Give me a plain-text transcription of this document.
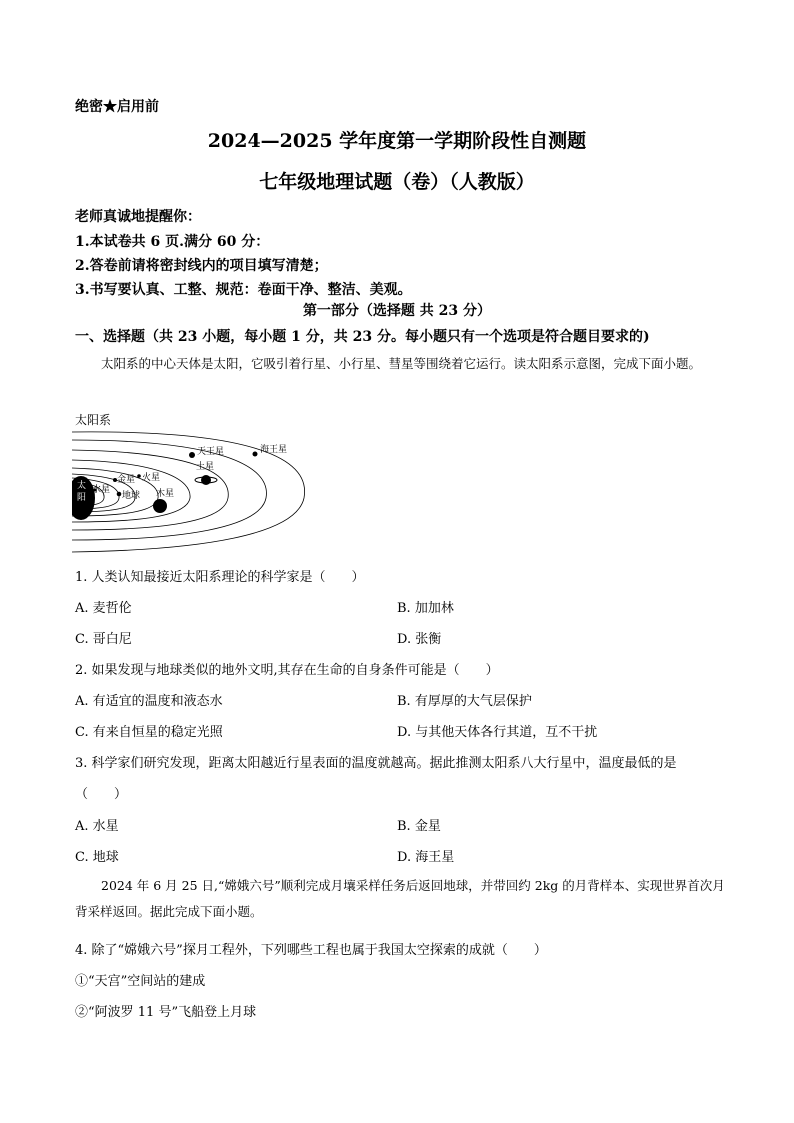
绝密★启用前
2024—2025 学年度第一学期阶段性自测题
七年级地理试题（卷）（人教版）
老师真诚地提醒你：
1.本试卷共 6 页.满分 60 分：
2.答卷前请将密封线内的项目填写清楚；
3.书写要认真、工整、规范：卷面干净、整洁、美观。
第一部分（选择题 共 23 分）
一、选择题（共 23 小题，每小题 1 分，共 23 分。每小题只有一个选项是符合题目要求的)
太阳系的中心天体是太阳，它吸引着行星、小行星、彗星等围绕着它运行。读太阳系示意图，完成下面小题。
太阳系
太阳
海王星
天王星
土星
木星
火星
金星
水星
地球
1. 人类认知最接近太阳系理论的科学家是（　　）
A. 麦哲伦	B. 加加林
C. 哥白尼	D. 张衡
2. 如果发现与地球类似的地外文明,其存在生命的自身条件可能是（　　）
A. 有适宜的温度和液态水	B. 有厚厚的大气层保护
C. 有来自恒星的稳定光照	D. 与其他天体各行其道，互不干扰
3. 科学家们研究发现，距离太阳越近行星表面的温度就越高。据此推测太阳系八大行星中，温度最低的是
（　　）
A. 水星	B. 金星
C. 地球	D. 海王星
2024 年 6 月 25 日,“嫦娥六号”顺利完成月壤采样任务后返回地球，并带回约 2kg 的月背样本、实现世界首次月背采样返回。据此完成下面小题。
4. 除了“嫦娥六号”探月工程外，下列哪些工程也属于我国太空探索的成就（　　）
①“天宫”空间站的建成
②“阿波罗 11 号”飞船登上月球
